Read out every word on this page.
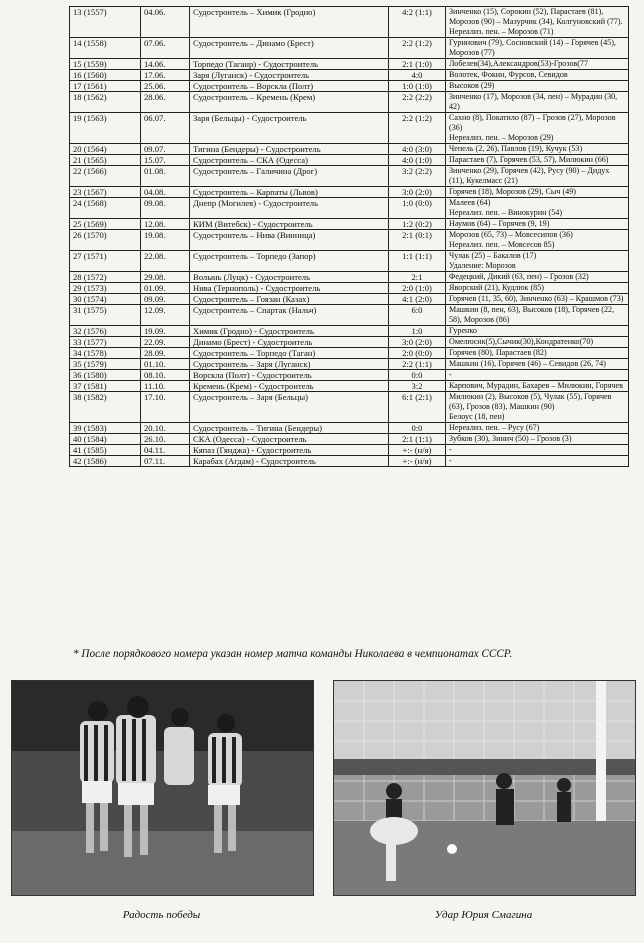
13 (1557)	04.06.	Судостроитель – Химик (Гродно)	4:2 (1:1)	Зинченко (15), Сорокин (52), Парастаев (81), Морозов (90) – Мазурчик (34), Колгуновский (77).
Нереализ. пен. – Морозов (71)
14 (1558)	07.06.	Судостроитель – Динамо (Брест)	2:2 (1:2)	Гуринович (79), Сосновский (14) – Горячев (45), Морозов (77)
15 (1559)	14.06.	Торпедо (Таганр) - Судостроитель	2:1 (1:0)	Лобелев(34),Александров(53)-Грозов(77
16 (1560)	17.06.	Заря (Луганск) - Судостроитель	4:0	Волотек, Фокин, Фурсов, Севидов
17 (1561)	25.06.	Судостроитель – Ворскла (Полт)	1:0 (1:0)	Высоков (29)
18 (1562)	28.06.	Судостроитель – Кремень (Крем)	2:2 (2:2)	Зинченко (17), Морозов (34, пен) – Мурадин (30, 42)
19 (1563)	06.07.	Заря (Бельцы) - Судостроитель	2:2 (1:2)	Сахно (8), Покатило (87) – Грозов (27), Морозов (36)
Нереализ. пен. – Морозов (29)
20 (1564)	09.07.	Тигина (Бендеры) - Судостроитель	4:0 (3:0)	Чепель (2, 26), Павлов (19), Кучук (53)
21 (1565)	15.07.	Судостроитель – СКА (Одесса)	4:0 (1:0)	Парастаев (7), Горячев (53, 57), Милюкин (66)
22 (1566)	01.08.	Судостроитель – Галичина (Дрог)	3:2 (2:2)	Зинченко (29), Горячев (42), Русу (90) – Дидух (11), Кукелмасс (21)
23 (1567)	04.08.	Судостроитель – Карпаты (Львов)	3:0 (2:0)	Горячев (18), Морозов (29), Сыч (49)
24 (1568)	09.08.	Днепр (Могилев) - Судостроитель	1:0 (0:0)	Малеев (64)
Нереализ. пен. – Винокурин (54)
25 (1569)	12.08.	КИМ (Витебск) - Судостроитель	1:2 (0:2)	Наумов (64) – Горячев (9, 19)
26 (1570)	19.08.	Судостроитель – Нива (Винница)	2:1 (0:1)	Морозов (65, 73) – Мовсесипов (36)
Нереализ. пен. – Мовсесов 85)
27 (1571)	22.08.	Судостроитель – Торпедо (Запор)	1:1 (1:1)	Чулак (25) – Бакалов (17)
Удаление: Морозов
28 (1572)	29.08.	Волынь (Луцк) - Судостроитель	2:1	Федецкий, Дикий (63, пен) – Грозов (32)
29 (1573)	01.09.	Нива (Тернополь) - Судостроитель	2:0 (1:0)	Яворский (21), Кудлюк (85)
30 (1574)	09.09.	Судостроитель – Гоязан (Казах)	4:1 (2:0)	Горячев (11, 35, 60), Зинченко (63) – Крашмов (73)
31 (1575)	12.09.	Судостроитель – Спартак (Нальч)	6:0	Машкин (8, пен, 63), Высоков (18), Горячев (22, 58), Морозов (86)
32 (1576)	19.09.	Химик (Гродно) - Судостроитель	1:0	Гуренко
33 (1577)	22.09.	Динамо (Брест) - Судостроитель	3:0 (2:0)	Омелюсик(5),Сычик(30),Кондратенко(70)
34 (1578)	28.09.	Судостроитель – Торпедо (Таган)	2:0 (0:0)	Горячев (80), Парастаев (82)
35 (1579)	01.10.	Судостроитель – Заря (Луганск)	2:2 (1:1)	Машкин (16), Горячев (46) – Севидов (26, 74)
36 (1580)	08.10.	Ворскла (Полт) - Судостроитель	0:0	-
37 (1581)	11.10.	Кремень (Крем) - Судостроитель	3:2	Карпович, Мурадин, Бахарев – Милюкин, Горячев
38 (1582)	17.10.	Судостроитель – Заря (Бельцы)	6:1 (2:1)	Милюкин (2), Высоков (5), Чулак (55), Горячев (63), Грозов (83), Машкин (90)
Белоус (18, пен)
39 (1583)	20.10.	Судостроитель – Тигина (Бендеры)	0:0	Нереализ. пен. – Русу (67)
40 (1584)	26.10.	СКА (Одесса) - Судостроитель	2:1 (1:1)	Зубков (30), Зинич (50) – Грозов (3)
41 (1585)	04.11.	Кяпаз (Гянджа) - Судостроитель	+:- (н/я)	-
42 (1586)	07.11.	Карабах (Агдам) - Судостроитель	+:- (н/я)	-
* После порядкового номера указан номер матча команды Николаева в чемпионатах СССР.
Радость победы	Удар Юрия Смагина
